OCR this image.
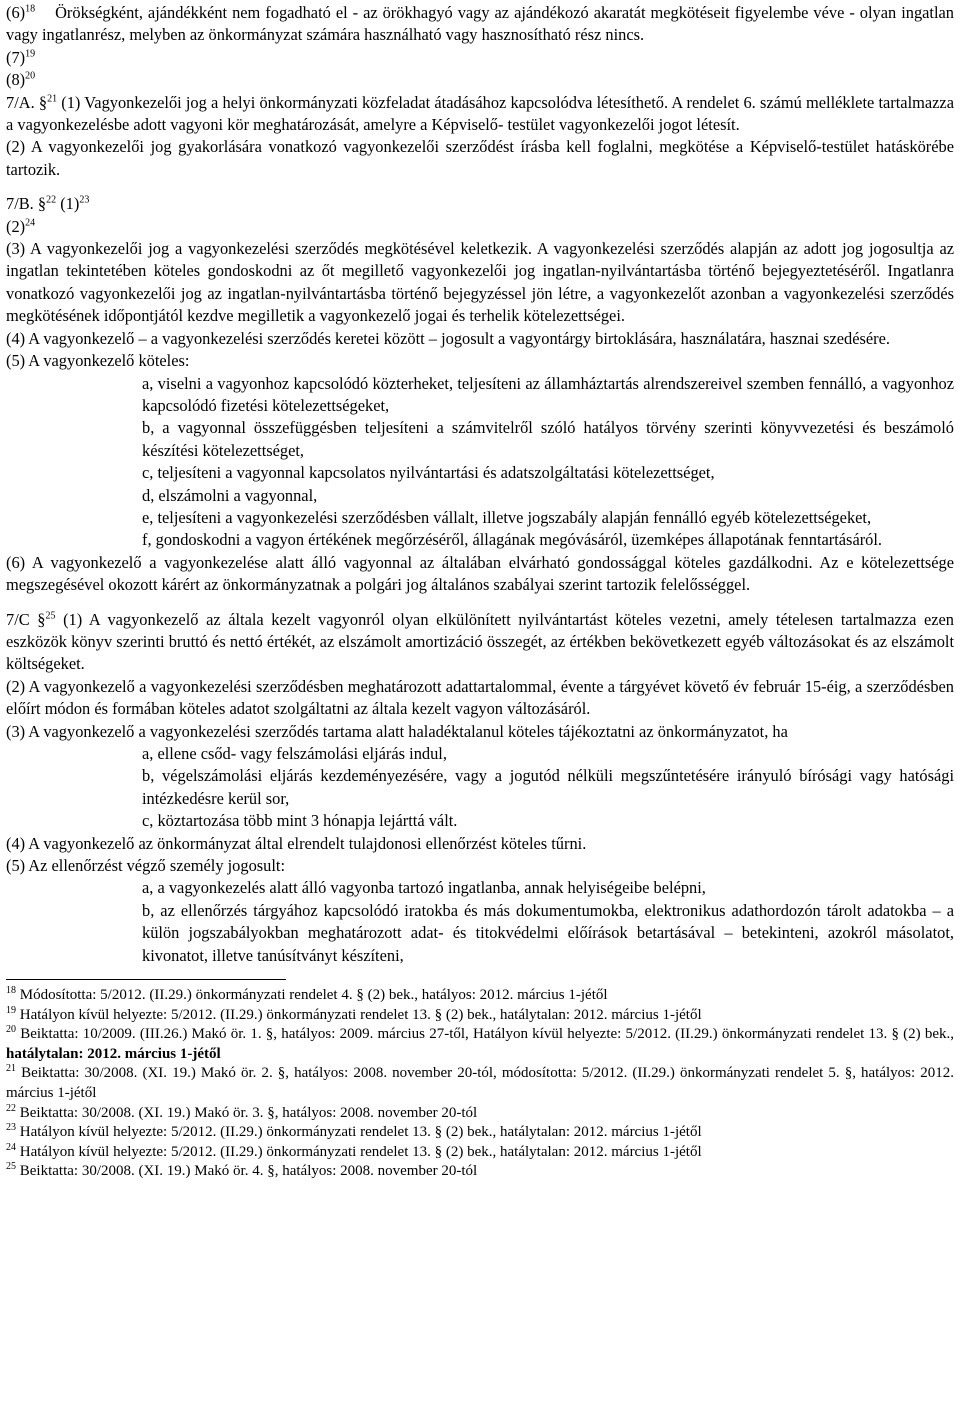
$(6)^{18}$ Örökségként, ajándékként nem fogadható el - az örökhagyó vagy az ajándékozó akaratát megkötéseit figyelembe véve - olyan ingatlan vagy ingatlanrész, melyben az önkormányzat számára használható vagy hasznosítható rész nincs.

$(7)^{19}$

$(8)^{20}$

7/A. §$^{21}$ (1) Vagyonkezelői jog a helyi önkormányzati közfeladat átadásához kapcsolódva létesíthető. A rendelet 6. számú melléklete tartalmazza a vagyonkezelésbe adott vagyoni kör meghatározását, amelyre a Képviselő- testület vagyonkezelői jogot létesít.

(2) A vagyonkezelői jog gyakorlására vonatkozó vagyonkezelői szerződést írásba kell foglalni, megkötése a Képviselő-testület hatáskörébe tartozik.

7/B. §$^{22}$ $(1)^{23}$

$(2)^{24}$

(3) A vagyonkezelői jog a vagyonkezelési szerződés megkötésével keletkezik. A vagyonkezelési szerződés alapján az adott jog jogosultja az ingatlan tekintetében köteles gondoskodni az őt megillető vagyonkezelői jog ingatlan-nyilvántartásba történő bejegyeztetéséről. Ingatlanra vonatkozó vagyonkezelői jog az ingatlan-nyilvántartásba történő bejegyzéssel jön létre, a vagyonkezelőt azonban a vagyonkezelési szerződés megkötésének időpontjától kezdve megilletik a vagyonkezelő jogai és terhelik kötelezettségei.

(4) A vagyonkezelő – a vagyonkezelési szerződés keretei között – jogosult a vagyontárgy birtoklására, használatára, hasznai szedésére.

(5) A vagyonkezelő köteles:

a, viselni a vagyonhoz kapcsolódó közterheket, teljesíteni az államháztartás alrendszereivel szemben fennálló, a vagyonhoz kapcsolódó fizetési kötelezettségeket,

b, a vagyonnal összefüggésben teljesíteni a számvitelről szóló hatályos törvény szerinti könyvvezetési és beszámoló készítési kötelezettséget,

c, teljesíteni a vagyonnal kapcsolatos nyilvántartási és adatszolgáltatási kötelezettséget,

d, elszámolni a vagyonnal,

e, teljesíteni a vagyonkezelési szerződésben vállalt, illetve jogszabály alapján fennálló egyéb kötelezettségeket,

f, gondoskodni a vagyon értékének megőrzéséről, állagának megóvásáról, üzemképes állapotának fenntartásáról.

(6) A vagyonkezelő a vagyonkezelése alatt álló vagyonnal az általában elvárható gondossággal köteles gazdálkodni. Az e kötelezettsége megszegésével okozott kárért az önkormányzatnak a polgári jog általános szabályai szerint tartozik felelősséggel.

7/C §$^{25}$ (1) A vagyonkezelő az általa kezelt vagyonról olyan elkülönített nyilvántartást köteles vezetni, amely tételesen tartalmazza ezen eszközök könyv szerinti bruttó és nettó értékét, az elszámolt amortizáció összegét, az értékben bekövetkezett egyéb változásokat és az elszámolt költségeket.

(2) A vagyonkezelő a vagyonkezelési szerződésben meghatározott adattartalommal, évente a tárgyévet követő év február 15-éig, a szerződésben előírt módon és formában köteles adatot szolgáltatni az általa kezelt vagyon változásáról.

(3) A vagyonkezelő a vagyonkezelési szerződés tartama alatt haladéktalanul köteles tájékoztatni az önkormányzatot, ha

a, ellene csőd- vagy felszámolási eljárás indul,

b, végelszámolási eljárás kezdeményezésére, vagy a jogutód nélküli megszűntetésére irányuló bírósági vagy hatósági intézkedésre kerül sor,

c, köztartozása több mint 3 hónapja lejárttá vált.

(4) A vagyonkezelő az önkormányzat által elrendelt tulajdonosi ellenőrzést köteles tűrni.

(5) Az ellenőrzést végző személy jogosult:

a, a vagyonkezelés alatt álló vagyonba tartozó ingatlanba, annak helyiségeibe belépni,

b, az ellenőrzés tárgyához kapcsolódó iratokba és más dokumentumokba, elektronikus adathordozón tárolt adatokba – a külön jogszabályokban meghatározott adat- és titokvédelmi előírások betartásával – betekinteni, azokról másolatot, kivonatot, illetve tanúsítványt készíteni,

$^{18}$ Módosította: 5/2012. (II.29.) önkormányzati rendelet 4. § (2) bek., hatályos: 2012. március 1-jétől

$^{19}$ Hatályon kívül helyezte: 5/2012. (II.29.) önkormányzati rendelet 13. § (2) bek., hatálytalan: 2012. március 1-jétől

$^{20}$ Beiktatta: 10/2009. (III.26.) Makó ör. 1. §, hatályos: 2009. március 27-től, Hatályon kívül helyezte: 5/2012. (II.29.) önkormányzati rendelet 13. § (2) bek., hatálytalan: 2012. március 1-jétől

$^{21}$ Beiktatta: 30/2008. (XI. 19.) Makó ör. 2. §, hatályos: 2008. november 20-tól, módosította: 5/2012. (II.29.) önkormányzati rendelet 5. §, hatályos: 2012. március 1-jétől

$^{22}$ Beiktatta: 30/2008. (XI. 19.) Makó ör. 3. §, hatályos: 2008. november 20-tól

$^{23}$ Hatályon kívül helyezte: 5/2012. (II.29.) önkormányzati rendelet 13. § (2) bek., hatálytalan: 2012. március 1-jétől

$^{24}$ Hatályon kívül helyezte: 5/2012. (II.29.) önkormányzati rendelet 13. § (2) bek., hatálytalan: 2012. március 1-jétől

$^{25}$ Beiktatta: 30/2008. (XI. 19.) Makó ör. 4. §, hatályos: 2008. november 20-tól
